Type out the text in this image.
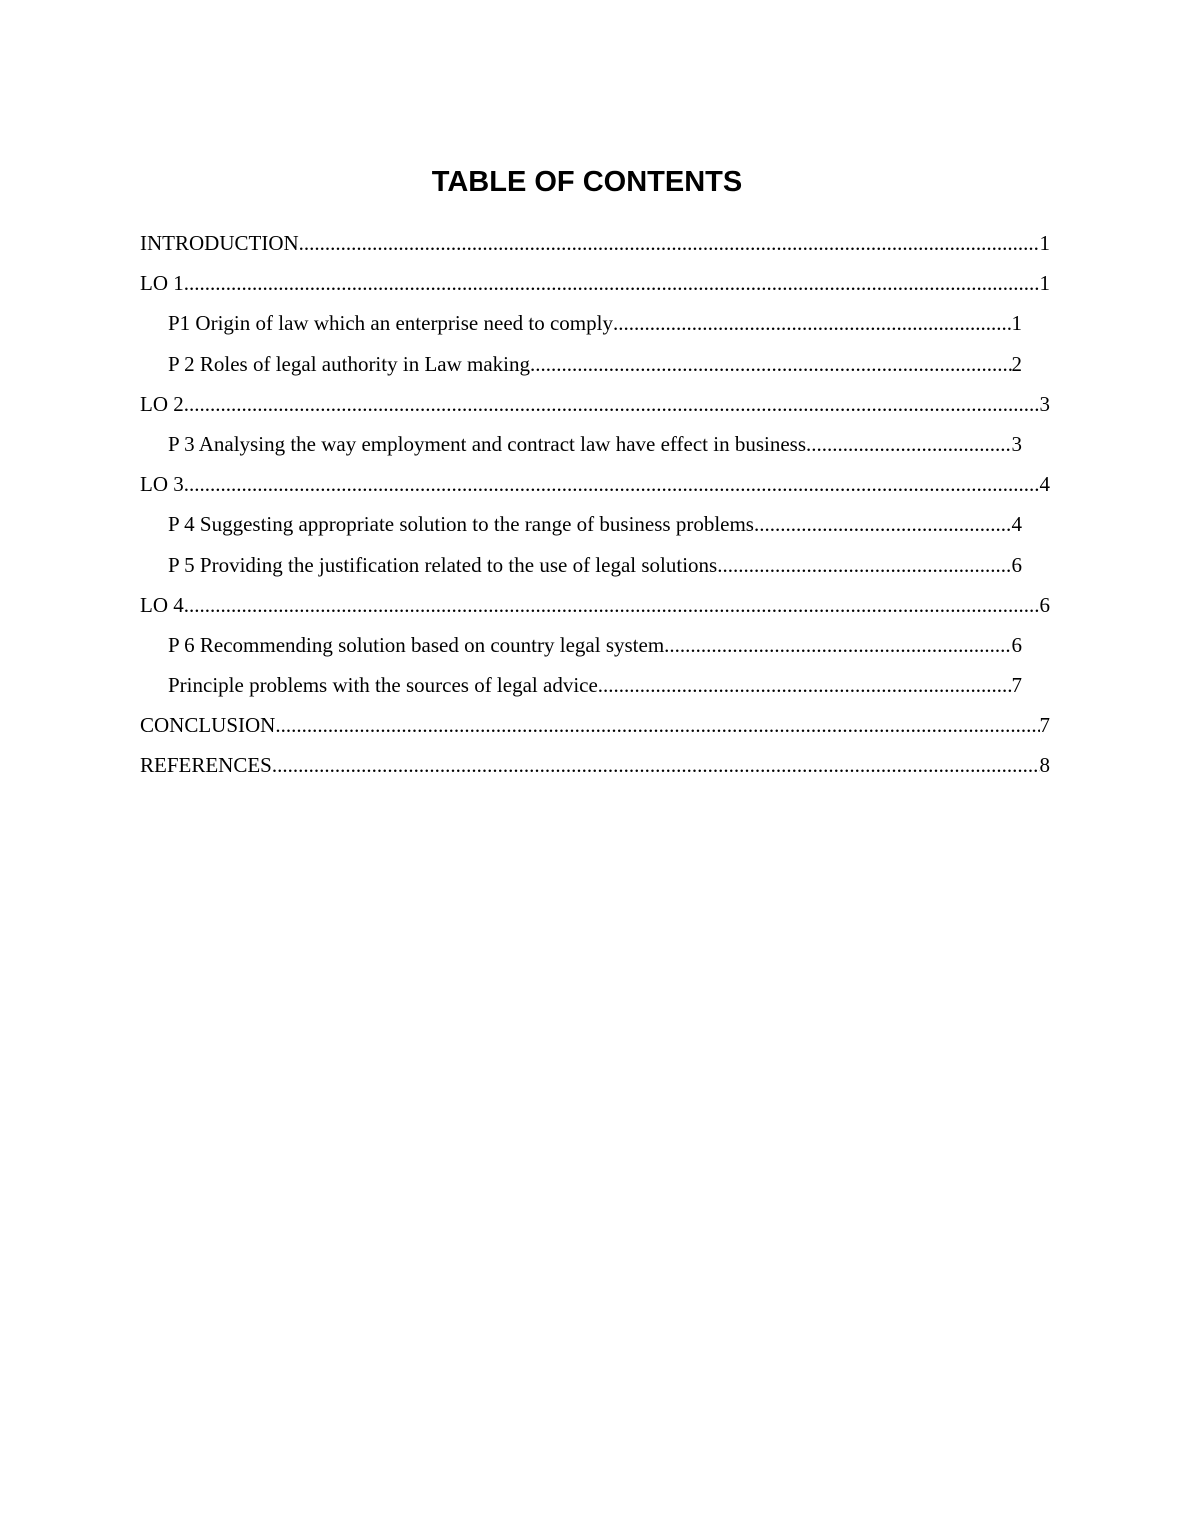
TABLE OF CONTENTS
INTRODUCTION .....	1
LO 1 .....	1
P1 Origin of law which an enterprise need to comply .....	1
P 2 Roles of legal authority in Law making .....	2
LO 2 .....	3
P 3 Analysing the way employment and contract law have effect in business .....	3
LO 3 .....	4
P 4 Suggesting appropriate solution to the range of business problems .....	4
P 5 Providing the justification related to the use of legal solutions .....	6
LO 4 .....	6
P 6 Recommending solution based on country legal system .....	6
Principle problems with the sources of legal advice .....	7
CONCLUSION .....	7
REFERENCES .....	8
